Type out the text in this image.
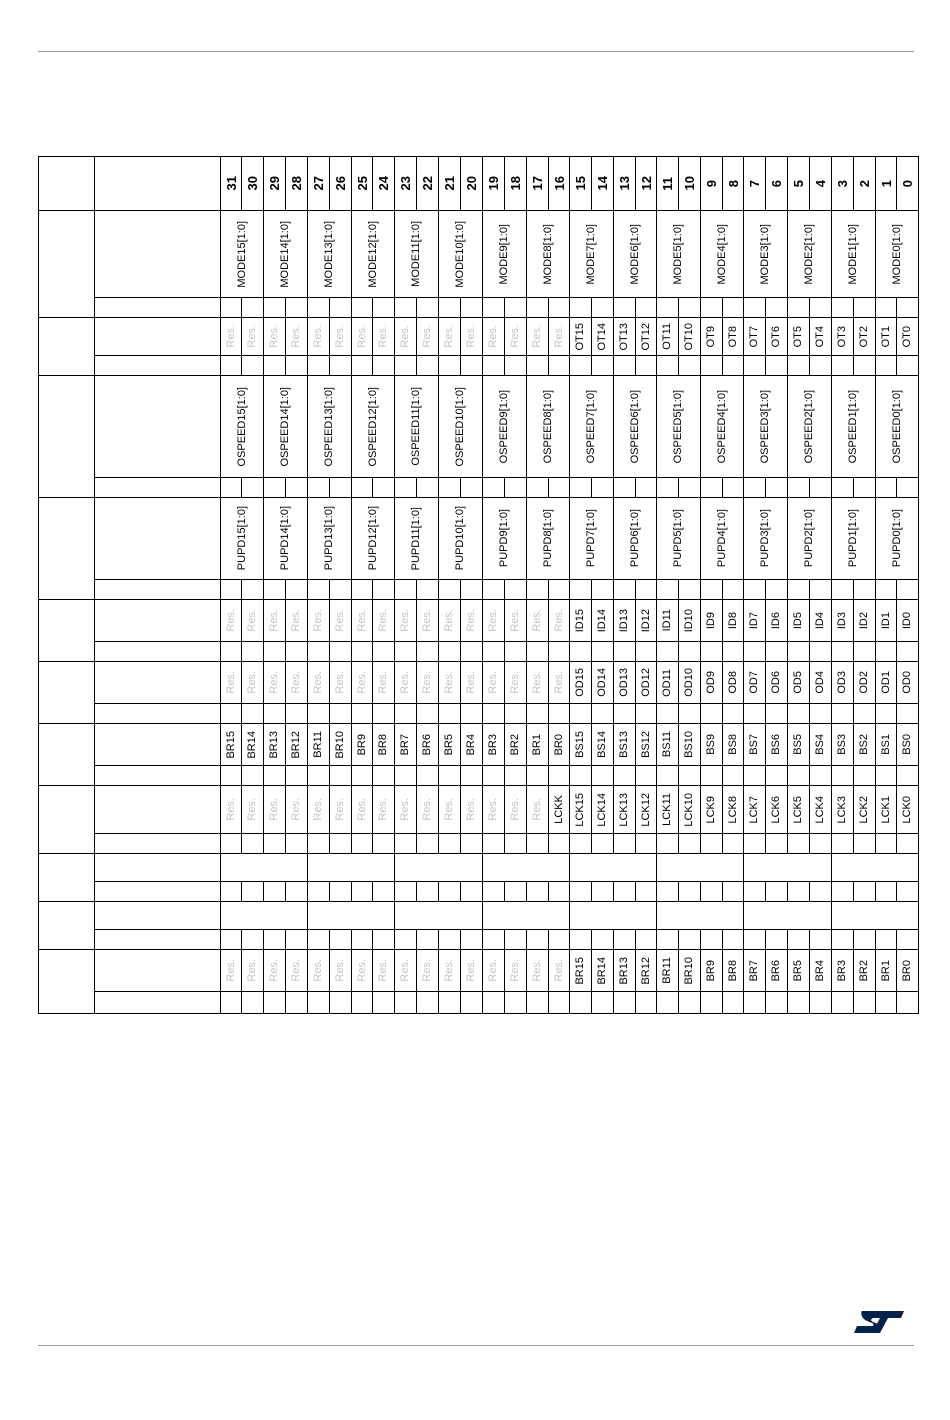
		31	30	29	28	27	26	25	24	23	22	21	20	19	18	17	16	15	14	13	12	11	10	9	8	7	6	5	4	3	2	1	0

		MODE15[1:0]		MODE14[1:0]		MODE13[1:0]		MODE12[1:0]		MODE11[1:0]		MODE10[1:0]		MODE9[1:0]		MODE8[1:0]		MODE7[1:0]		MODE6[1:0]		MODE5[1:0]		MODE4[1:0]		MODE3[1:0]		MODE2[1:0]		MODE1[1:0]		MODE0[1:0]	

		Res.	Res.	Res.	Res.	Res.	Res.	Res.	Res.	Res.	Res.	Res.	Res.	Res.	Res.	Res.	Res.	OT15	OT14	OT13	OT12	OT11	OT10	OT9	OT8	OT7	OT6	OT5	OT4	OT3	OT2	OT1	OT0

		OSPEED15[1:0]		OSPEED14[1:0]		OSPEED13[1:0]		OSPEED12[1:0]		OSPEED11[1:0]		OSPEED10[1:0]		OSPEED9[1:0]		OSPEED8[1:0]		OSPEED7[1:0]		OSPEED6[1:0]		OSPEED5[1:0]		OSPEED4[1:0]		OSPEED3[1:0]		OSPEED2[1:0]		OSPEED1[1:0]		OSPEED0[1:0]	

		PUPD15[1:0]		PUPD14[1:0]		PUPD13[1:0]		PUPD12[1:0]		PUPD11[1:0]		PUPD10[1:0]		PUPD9[1:0]		PUPD8[1:0]		PUPD7[1:0]		PUPD6[1:0]		PUPD5[1:0]		PUPD4[1:0]		PUPD3[1:0]		PUPD2[1:0]		PUPD1[1:0]		PUPD0[1:0]	

		Res.	Res.	Res.	Res.	Res.	Res.	Res.	Res.	Res.	Res.	Res.	Res.	Res.	Res.	Res.	Res.	ID15	ID14	ID13	ID12	ID11	ID10	ID9	ID8	ID7	ID6	ID5	ID4	ID3	ID2	ID1	ID0

		Res.	Res.	Res.	Res.	Res.	Res.	Res.	Res.	Res.	Res.	Res.	Res.	Res.	Res.	Res.	Res.	OD15	OD14	OD13	OD12	OD11	OD10	OD9	OD8	OD7	OD6	OD5	OD4	OD3	OD2	OD1	OD0

		BR15	BR14	BR13	BR12	BR11	BR10	BR9	BR8	BR7	BR6	BR5	BR4	BR3	BR2	BR1	BR0	BS15	BS14	BS13	BS12	BS11	BS10	BS9	BS8	BS7	BS6	BS5	BS4	BS3	BS2	BS1	BS0

		Res.	Res.	Res.	Res.	Res.	Res.	Res.	Res.	Res.	Res.	Res.	Res.	Res.	Res.	Res.	LCKK	LCK15	LCK14	LCK13	LCK12	LCK11	LCK10	LCK9	LCK8	LCK7	LCK6	LCK5	LCK4	LCK3	LCK2	LCK1	LCK0

		Res.	Res.	Res.	Res.	Res.	Res.	Res.	Res.	Res.	Res.	Res.	Res.	Res.	Res.	Res.	Res.	BR15	BR14	BR13	BR12	BR11	BR10	BR9	BR8	BR7	BR6	BR5	BR4	BR3	BR2	BR1	BR0
